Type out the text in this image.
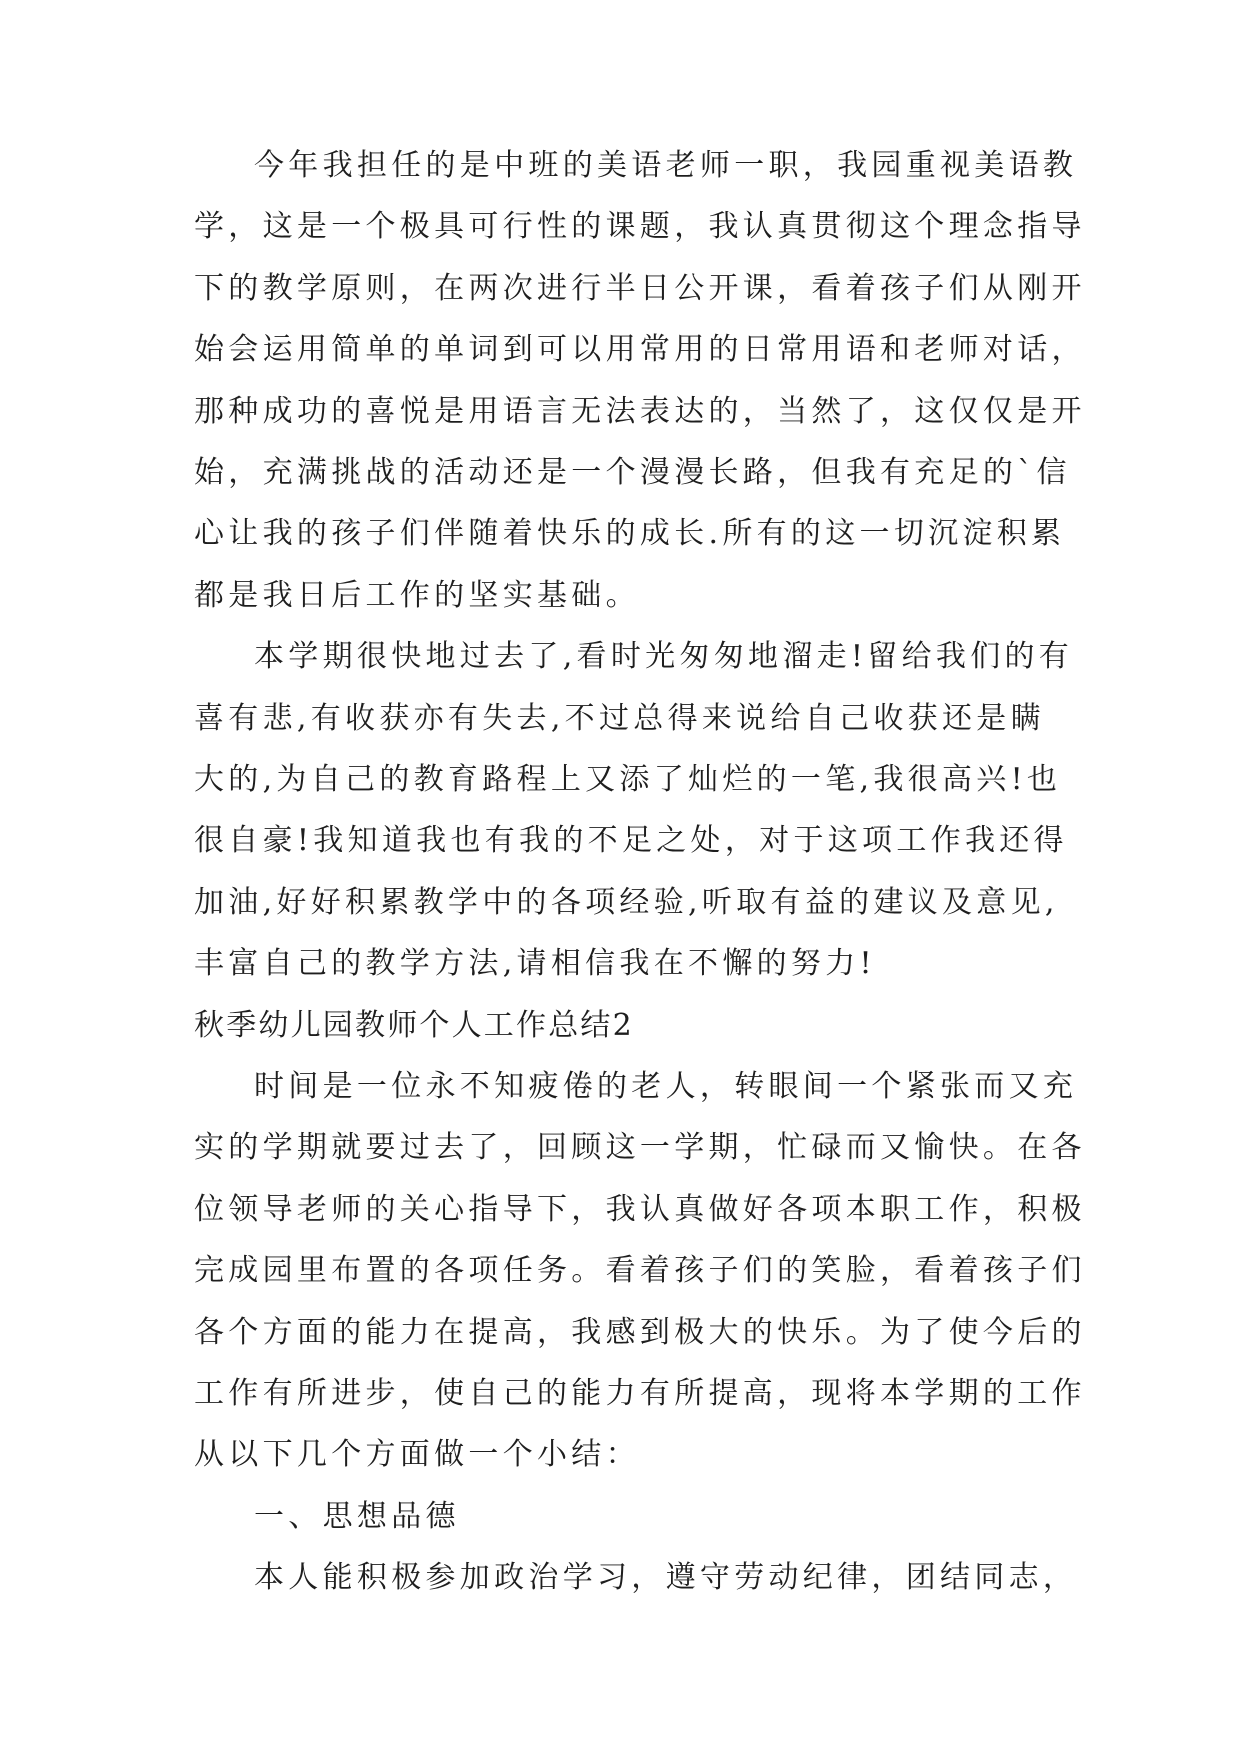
今年我担任的是中班的美语老师一职，我园重视美语教

学，这是一个极具可行性的课题，我认真贯彻这个理念指导

下的教学原则，在两次进行半日公开课，看着孩子们从刚开

始会运用简单的单词到可以用常用的日常用语和老师对话，

那种成功的喜悦是用语言无法表达的，当然了，这仅仅是开

始，充满挑战的活动还是一个漫漫长路，但我有充足的`信

心让我的孩子们伴随着快乐的成长.所有的这一切沉淀积累

都是我日后工作的坚实基础。

本学期很快地过去了,看时光匆匆地溜走!留给我们的有

喜有悲,有收获亦有失去,不过总得来说给自己收获还是瞒

大的,为自己的教育路程上又添了灿烂的一笔,我很高兴!也

很自豪!我知道我也有我的不足之处，对于这项工作我还得

加油,好好积累教学中的各项经验,听取有益的建议及意见,

丰富自己的教学方法,请相信我在不懈的努力!

秋季幼儿园教师个人工作总结2

时间是一位永不知疲倦的老人，转眼间一个紧张而又充

实的学期就要过去了，回顾这一学期，忙碌而又愉快。在各

位领导老师的关心指导下，我认真做好各项本职工作，积极

完成园里布置的各项任务。看着孩子们的笑脸，看着孩子们

各个方面的能力在提高，我感到极大的快乐。为了使今后的

工作有所进步，使自己的能力有所提高，现将本学期的工作

从以下几个方面做一个小结：

一、思想品德

本人能积极参加政治学习，遵守劳动纪律，团结同志，
